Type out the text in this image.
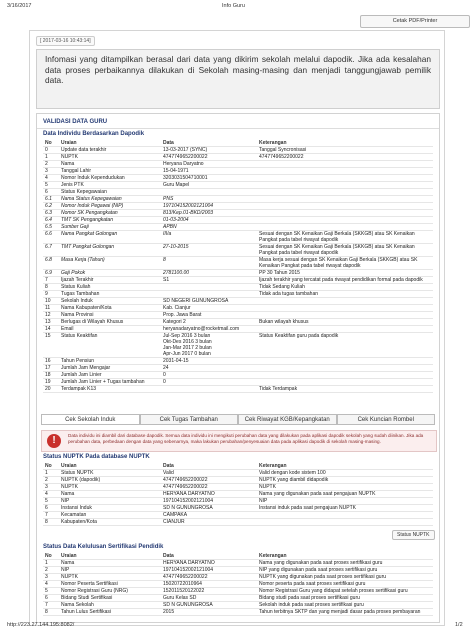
3/16/2017	Info Guru
Cetak PDF/Printer
[ 2017-03-16 10:43:14]

Infomasi yang ditampilkan berasal dari data yang dikirim sekolah melalui dapodik. Jika ada kesalahan data proses perbaikannya dilakukan di Sekolah masing-masing dan menjadi tanggungjawab pemilik data.

VALIDASI DATA GURU
Data Individu Berdasarkan Dapodik
No	Uraian	Data	Keterangan
0	Update data terakhir	13-03-2017 (SYNC)	Tanggal Syncronisasi
1	NUPTK	4747749652200022	4747749652200022
2	Nama	Heryana Daryatno	
3	Tanggal Lahir	15-04-1971	
4	Nomor Induk Kependudukan	3203031504710001	
5	Jenis PTK	Guru Mapel	
6	Status Kepegawaian		
6.1	Nama Status Kepegawaian	PNS	
6.2	Nomor Induk Pegawai (NIP)	197104152002121004	
6.3	Nomor SK Pengangkatan	813/Kep.01-BKD/2003	
6.4	TMT SK Pengangkatan	01-03-2004	
6.5	Sumber Gaji	APBN	
6.6	Nama Pangkat Golongan	III/a	Sesuai dengan SK Kenaikan Gaji Berkala (SKKGB) atau SK Kenaikan Pangkat pada tabel riwayat dapodik
6.7	TMT Pangkat Golongan	27-10-2015	Sesuai dengan SK Kenaikan Gaji Berkala (SKKGB) atau SK Kenaikan Pangkat pada tabel riwayat dapodik
6.8	Masa Kerja (Tahun)	8	Masa kerja sesuai dengan SK Kenaikan Gaji Berkala (SKKGB) atau SK Kenaikan Pangkat pada tabel riwayat dapodik
6.9	Gaji Pokok	2781100.00	PP 30 Tahun 2015
7	Ijazah Terakhir	S1	Ijazah terakhir yang tercatat pada riwayat pendidikan formal pada dapodik
8	Status Kuliah		Tidak Sedang Kuliah
9	Tugas Tambahan		Tidak ada tugas tambahan
10	Sekolah Induk	SD NEGERI GUNUNGROSA	
11	Nama Kabupaten/Kota	Kab. Cianjur	
12	Nama Provinsi	Prop. Jawa Barat	
13	Berlugas di Wilayah Khusus	Kategori 2	Bukan wilayah khusus
14	Email	heryanadaryatno@rocketmail.com	
15	Status Keaktifan	Jul-Sep 2016 3 bulan
Okt-Des 2016 3 bulan
Jan-Mar 2017 2 bulan
Apr-Jun 2017 0 bulan	Status Keaktifan guru pada dapodik
16	Tahun Pensiun	2031-04-15	
17	Jumlah Jam Mengajar	24	
18	Jumlah Jam Linier	0	
19	Jumlah Jam Linier + Tugas tambahan	0	
20	Terdampak K13		Tidak Terdampak
Cek Sekolah Induk	Cek Tugas Tambahan	Cek Riwayat KGB/Kepangkatan	Cek Kuncian Rombel
!	Data individu ini diambil dari database dapodik. Semua data individu ini mengikuti perubahan data yang dilakukan pada aplikasi dapodik sekolah yang sudah diinikan. Jika ada perubahan data, perbedaan dengan data yang sebenarnya, maka lakukan perubahan/penyesuaian data pada aplikasi dapodik di sekolah masing-masing.

Status NUPTK Pada database NUPTK
No	Uraian	Data	Keterangan
1	Status NUPTK	Valid	Valid dengan kode sistem 100
2	NUPTK (dapodik)	4747749652200022	NUPTK yang diambil didapodik
3	NUPTK	4747749652200022	NUPTK
4	Nama	HERYANA DARYATNO	Nama yang digunakan pada saat pengajuan NUPTK
5	NIP	197104152002121004	NIP
6	Instansi Induk	SD N GUNUNGROSA	Instansi induk pada saat pengajuan NUPTK
7	Kecamatan	CAMPAKA	
8	Kabupaten/Kota	CIANJUR	
Status NUPTK
Status Data Kelulusan Sertifikasi Pendidik
No	Uraian	Data	Keterangan
1	Nama	HERYANA DARYATNO	Nama yang digunakan pada saat proses sertifikasi guru
2	NIP	197104152002121004	NIP yang digunakan pada saat proses sertifikasi guru
3	NUPTK	4747749652200022	NUPTK yang digunakan pada saat proses sertifikasi guru
4	Nomor Peserta Sertifikasi	15020722010964	Nomor peserta pada saat proses sertifikasi guru
5	Nomor Registrasi Guru (NRG)	152011520122022	Nomor Registrasi Guru yang didapat setelah proses sertifikasi guru
6	Bidang Studi Sertifikasi	Guru Kelas SD	Bidang studi pada saat proses sertifikasi guru
7	Nama Sekolah	SD N GUNUNGROSA	Sekolah induk pada saat proses sertifikasi guru
8	Tahun Lulus Sertifikasi	2015	Tahun terbitnya SKTP dan yang menjadi dasar pada proses pembayaran
http://223.27.144.195:8082/	1/2
